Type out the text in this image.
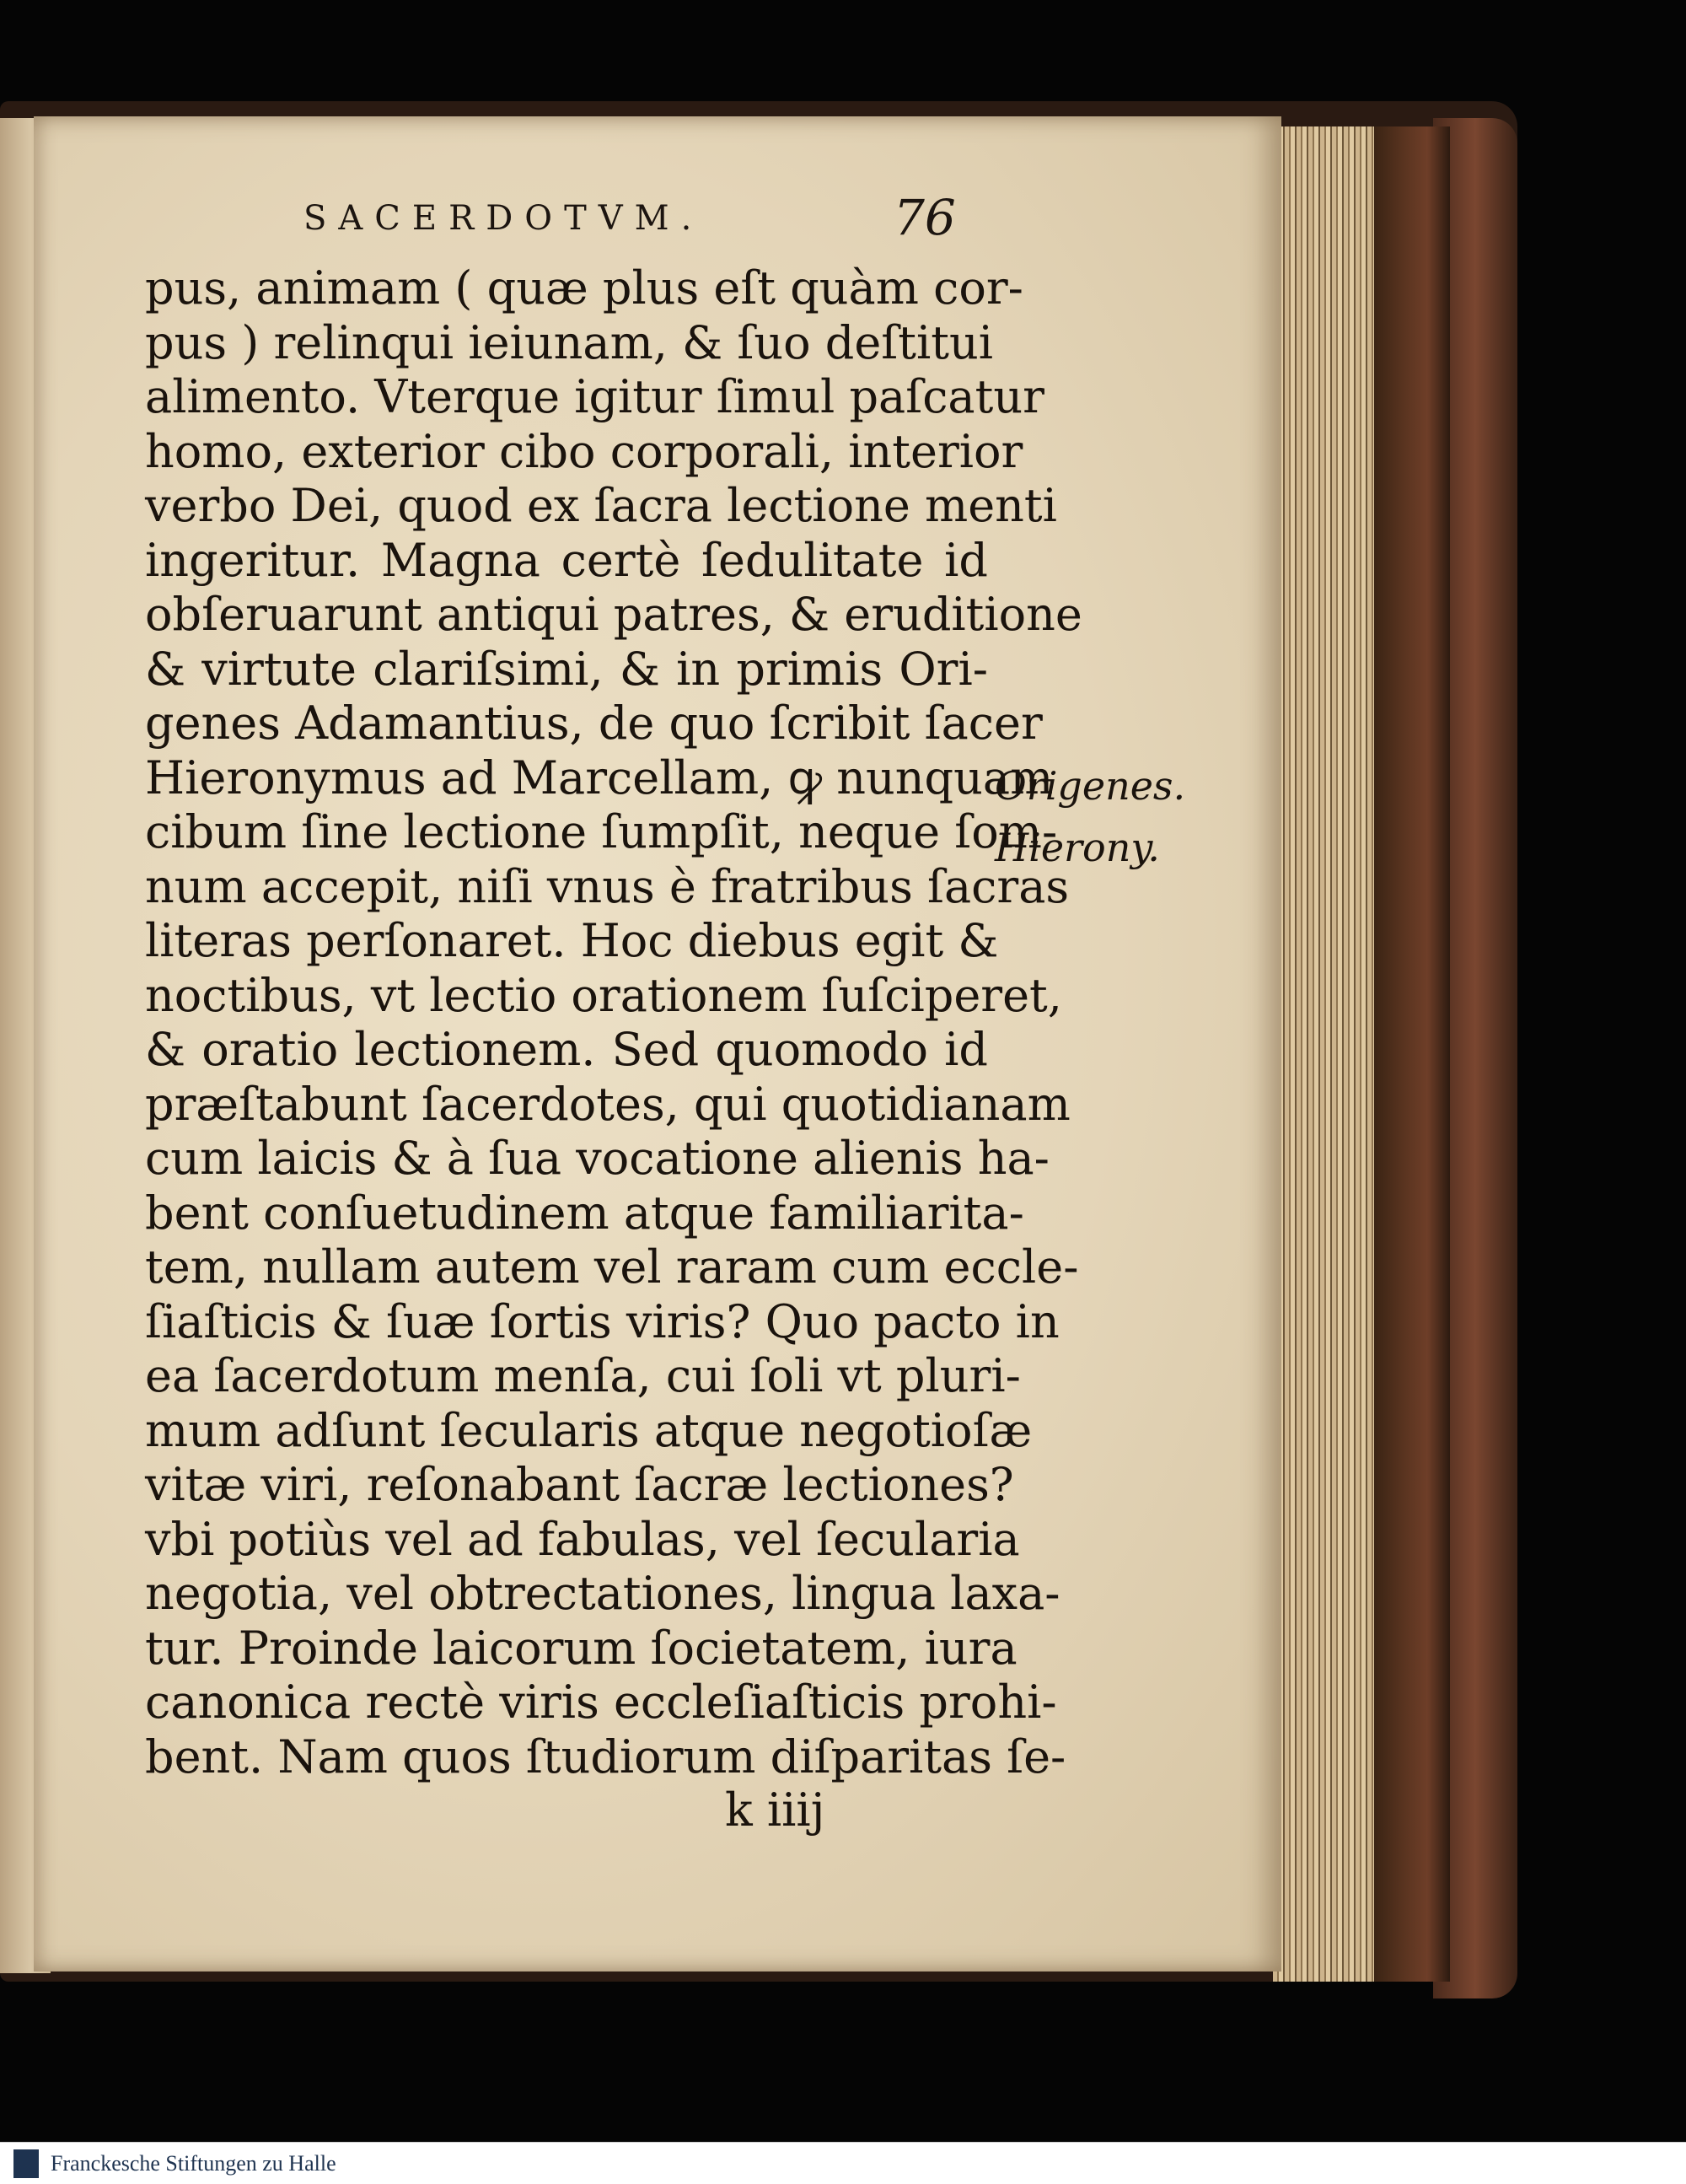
SACERDOTVM.	76
pus, animam ( quæ plus eſt quàm cor-
pus ) relinqui ieiunam, & ſuo deſtitui
alimento. Vterque igitur ſimul paſcatur
homo, exterior cibo corporali, interior
verbo Dei, quod ex ſacra lectione menti
ingeritur. Magna certè ſedulitate id
obſeruarunt antiqui patres, & eruditione
& virtute clariſsimi, & in primis Ori-
genes Adamantius, de quo ſcribit ſacer
Hieronymus ad Marcellam, ꝙ nunquam
cibum ſine lectione ſumpſit, neque ſom-
num accepit, niſi vnus è fratribus ſacras
literas perſonaret. Hoc diebus egit &
noctibus, vt lectio orationem ſuſciperet,
& oratio lectionem. Sed quomodo id
præſtabunt ſacerdotes, qui quotidianam
cum laicis & à ſua vocatione alienis ha-
bent conſuetudinem atque familiarita-
tem, nullam autem vel raram cum eccle-
ſiaſticis & ſuæ ſortis viris? Quo pacto in
ea ſacerdotum menſa, cui ſoli vt pluri-
mum adſunt ſecularis atque negotioſæ
vitæ viri, reſonabant ſacræ lectiones?
vbi potiùs vel ad fabulas, vel ſecularia
negotia, vel obtrectationes, lingua laxa-
tur. Proinde laicorum ſocietatem, iura
canonica rectè viris eccleſiaſticis prohi-
bent. Nam quos ſtudiorum diſparitas ſe-
Origenes.
Hierony.
k iiij
Franckesche Stiftungen zu Halle
